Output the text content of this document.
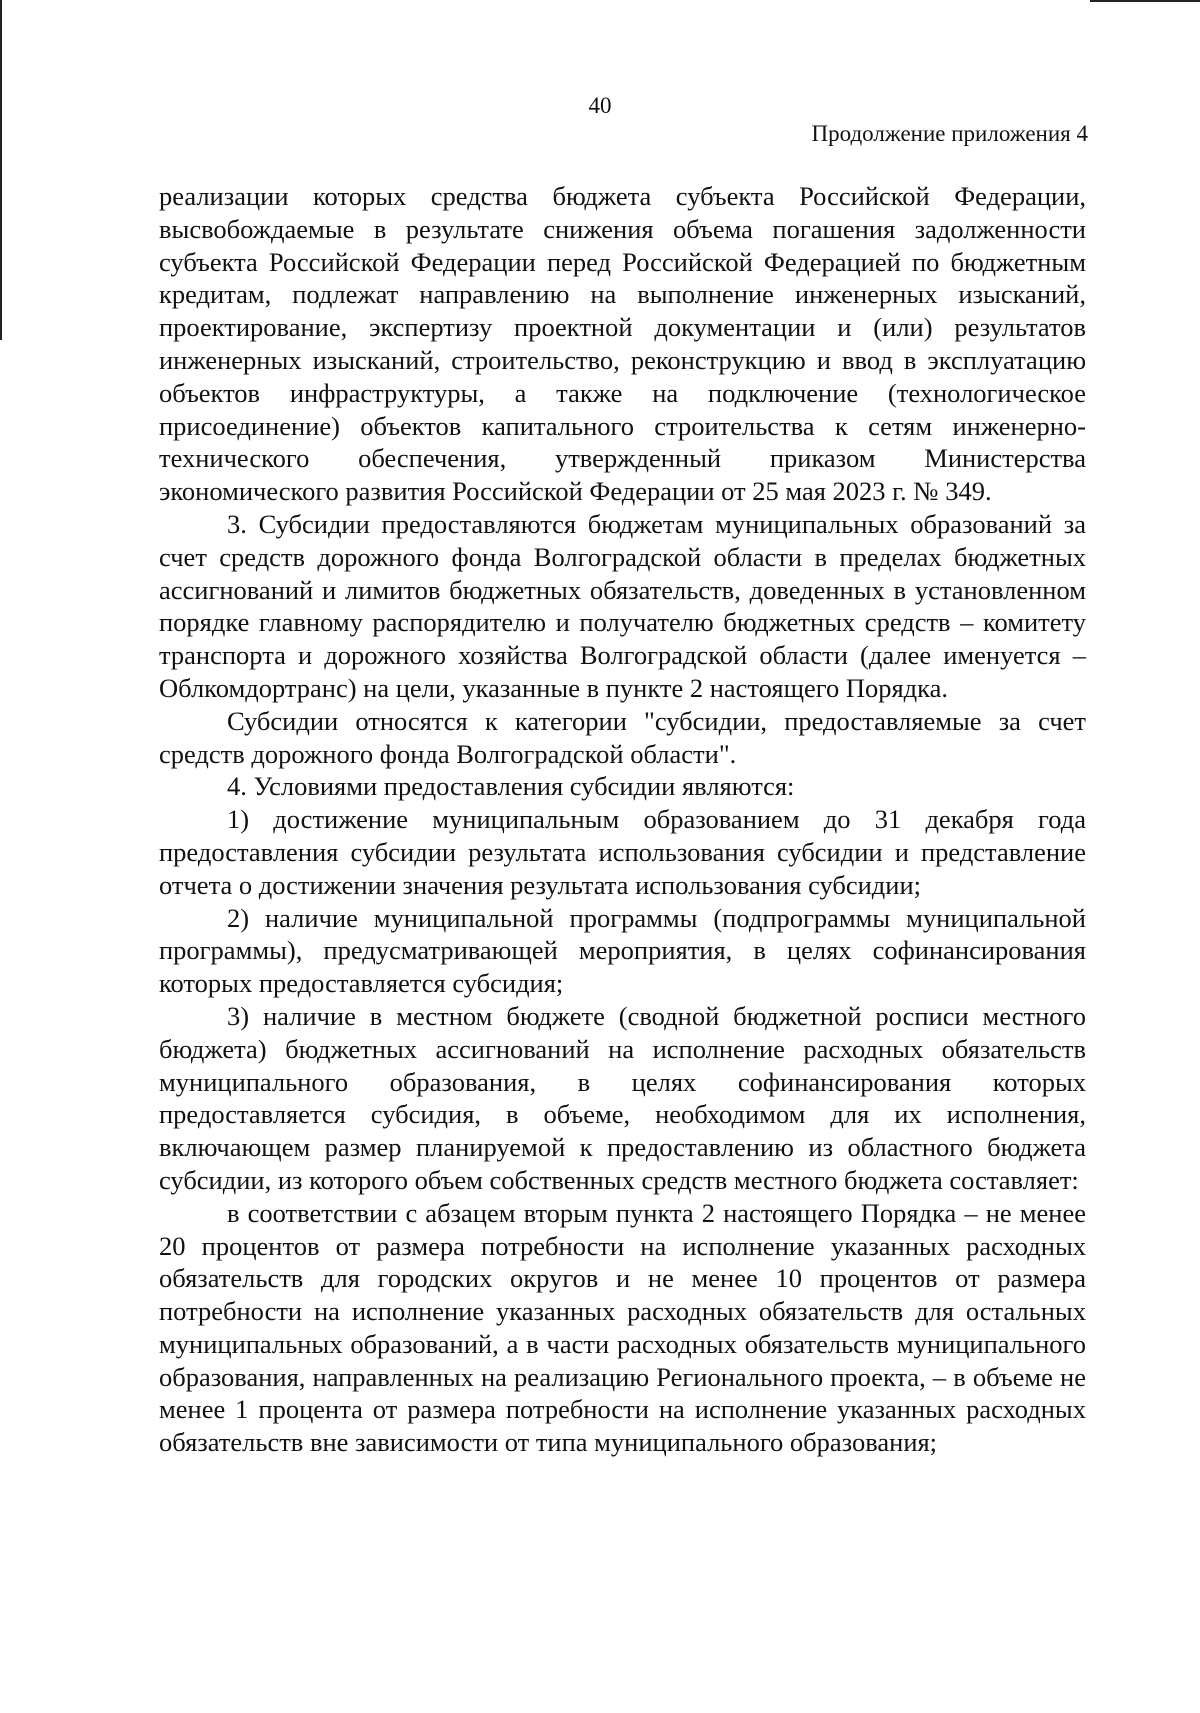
40
Продолжение приложения 4

реализации которых средства бюджета субъекта Российской Федерации, высвобождаемые в результате снижения объема погашения задолженности субъекта Российской Федерации перед Российской Федерацией по бюджетным кредитам, подлежат направлению на выполнение инженерных изысканий, проектирование, экспертизу проектной документации и (или) результатов инженерных изысканий, строительство, реконструкцию и ввод в эксплуатацию объектов инфраструктуры, а также на подключение (технологическое присоединение) объектов капитального строительства к сетям инженерно-технического обеспечения, утвержденный приказом Министерства экономического развития Российской Федерации от 25 мая 2023 г. № 349.

3. Субсидии предоставляются бюджетам муниципальных образований за счет средств дорожного фонда Волгоградской области в пределах бюджетных ассигнований и лимитов бюджетных обязательств, доведенных в установленном порядке главному распорядителю и получателю бюджетных средств – комитету транспорта и дорожного хозяйства Волгоградской области (далее именуется – Облкомдортранс) на цели, указанные в пункте 2 настоящего Порядка.

Субсидии относятся к категории "субсидии, предоставляемые за счет средств дорожного фонда Волгоградской области".

4. Условиями предоставления субсидии являются:

1) достижение муниципальным образованием до 31 декабря года предоставления субсидии результата использования субсидии и представление отчета о достижении значения результата использования субсидии;

2) наличие муниципальной программы (подпрограммы муниципальной программы), предусматривающей мероприятия, в целях софинансирования которых предоставляется субсидия;

3) наличие в местном бюджете (сводной бюджетной росписи местного бюджета) бюджетных ассигнований на исполнение расходных обязательств муниципального образования, в целях софинансирования которых предоставляется субсидия, в объеме, необходимом для их исполнения, включающем размер планируемой к предоставлению из областного бюджета субсидии, из которого объем собственных средств местного бюджета составляет:

в соответствии с абзацем вторым пункта 2 настоящего Порядка – не менее 20 процентов от размера потребности на исполнение указанных расходных обязательств для городских округов и не менее 10 процентов от размера потребности на исполнение указанных расходных обязательств для остальных муниципальных образований, а в части расходных обязательств муниципального образования, направленных на реализацию Регионального проекта, – в объеме не менее 1 процента от размера потребности на исполнение указанных расходных обязательств вне зависимости от типа муниципального образования;
